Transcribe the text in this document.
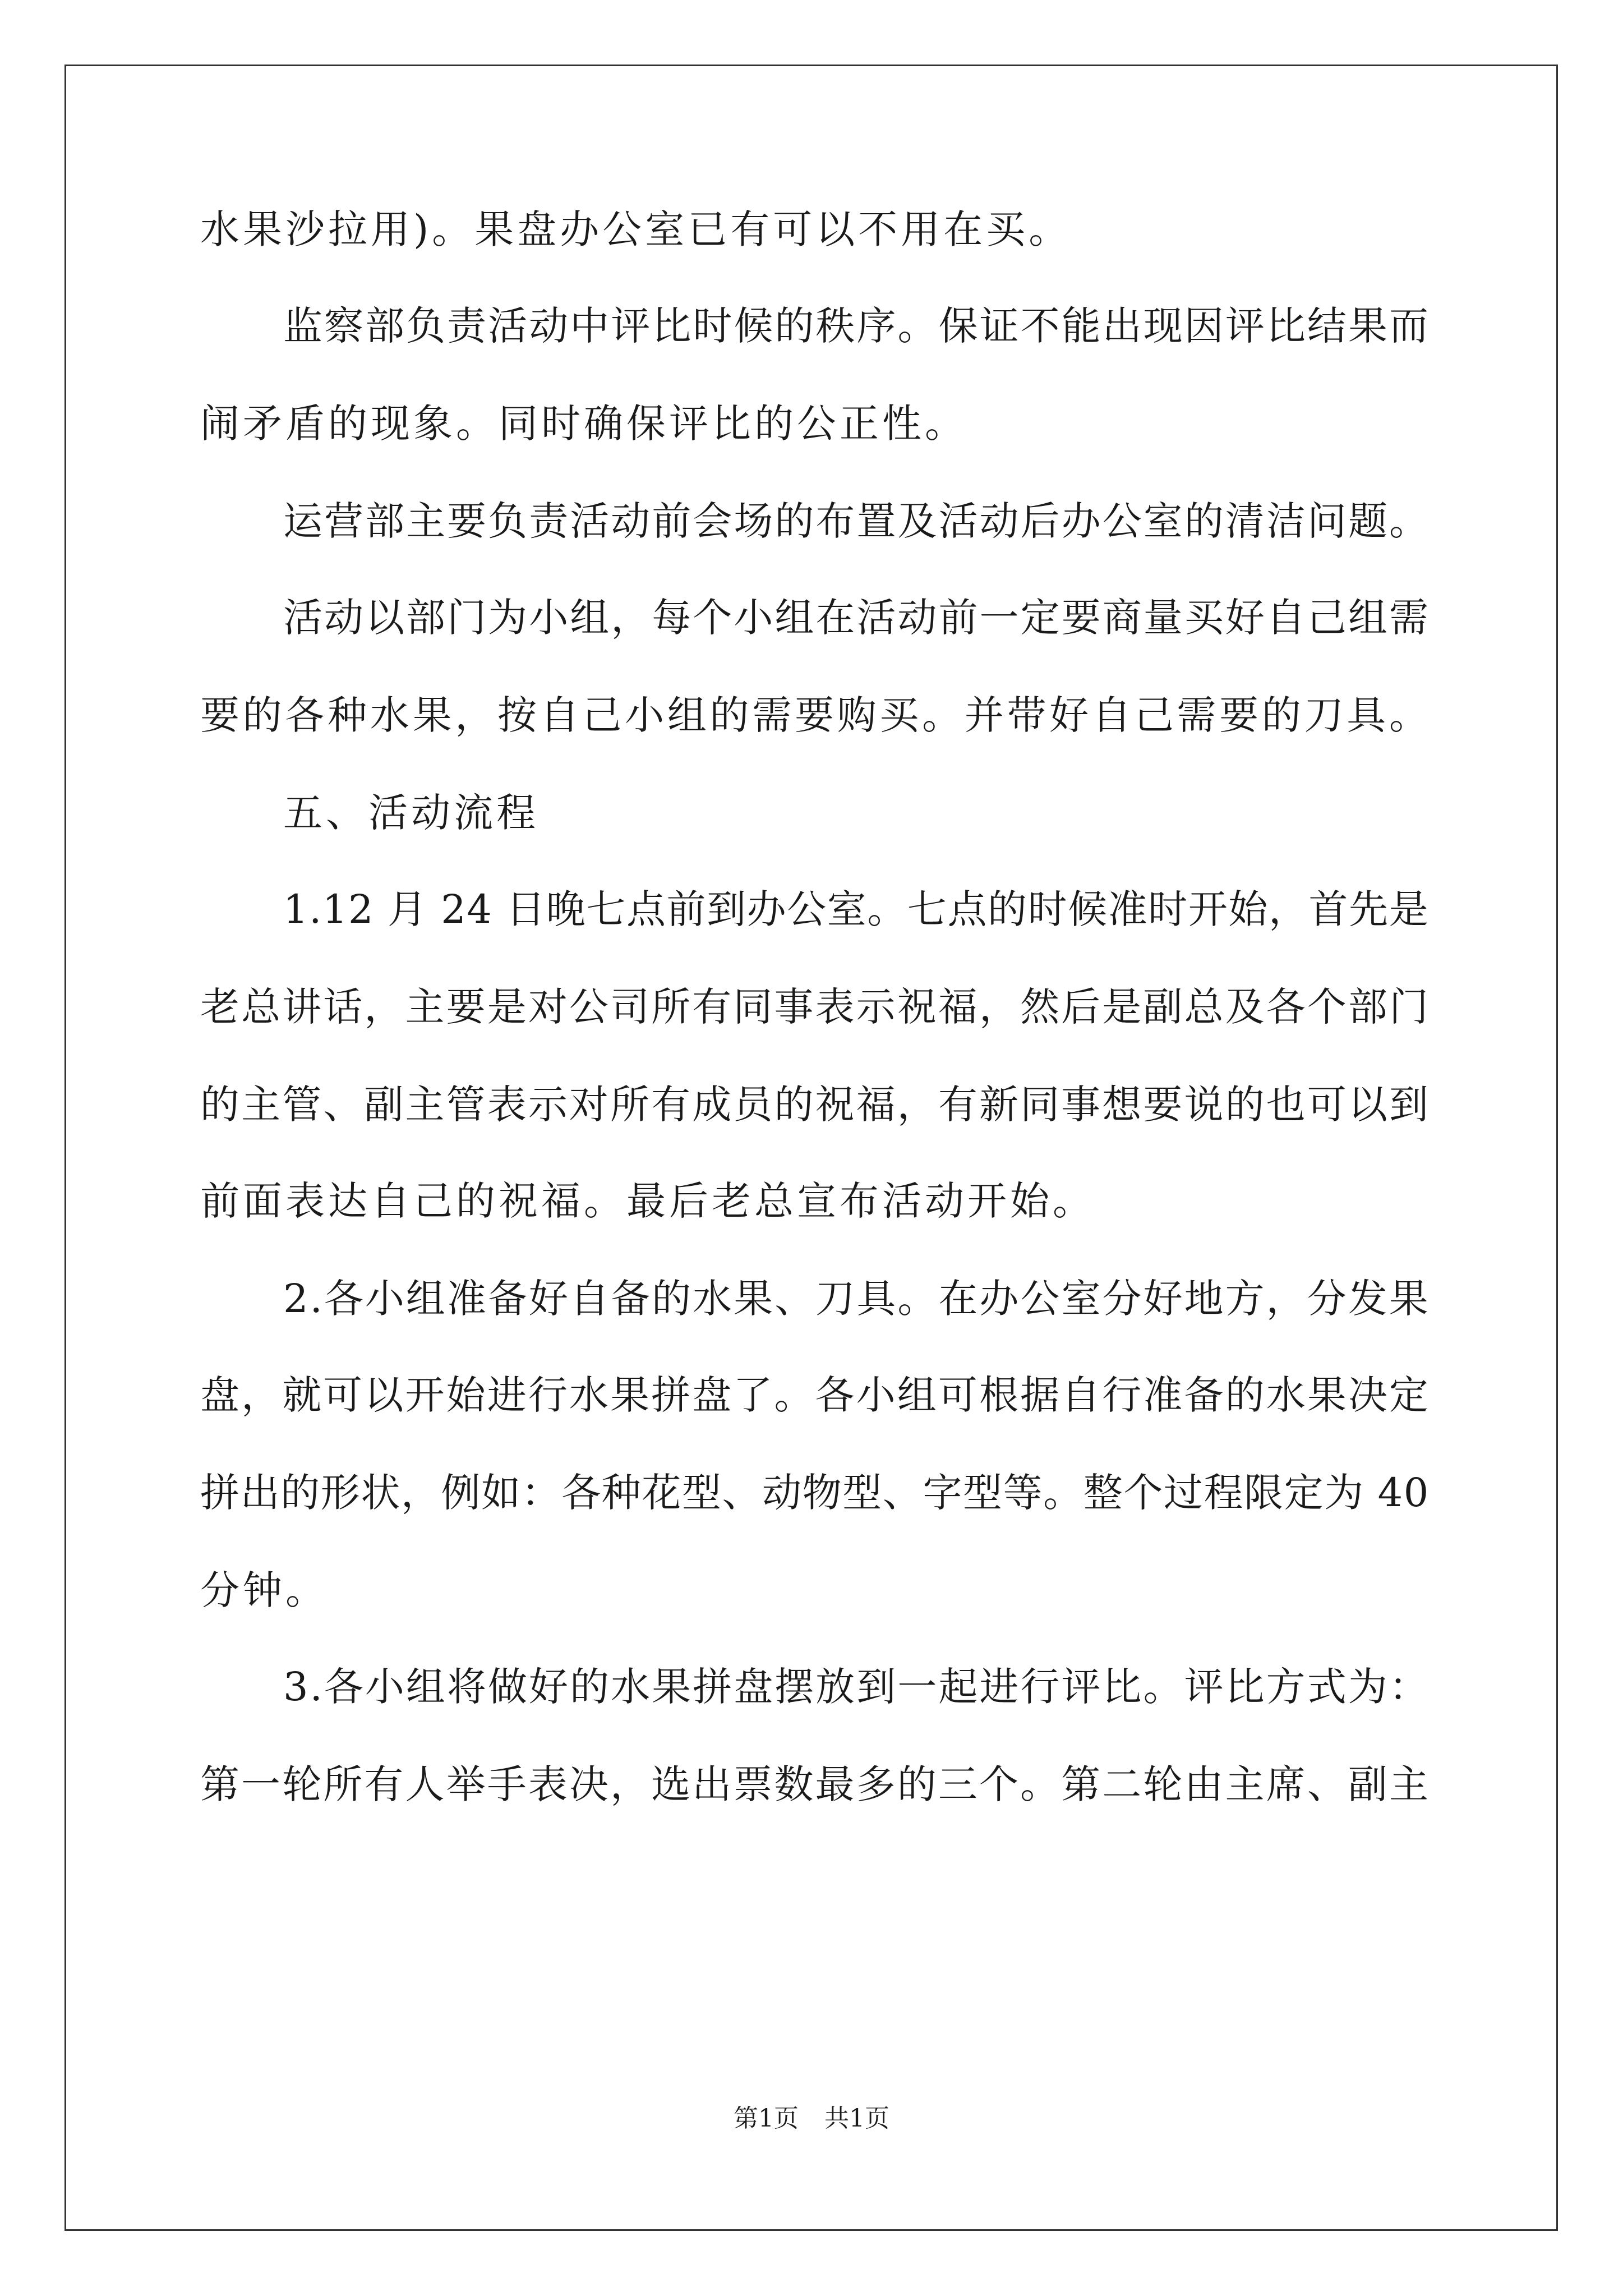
水果沙拉用)。果盘办公室已有可以不用在买。
监察部负责活动中评比时候的秩序。保证不能出现因评比结果而
闹矛盾的现象。同时确保评比的公正性。
运营部主要负责活动前会场的布置及活动后办公室的清洁问题。
活动以部门为小组，每个小组在活动前一定要商量买好自己组需
要的各种水果，按自己小组的需要购买。并带好自己需要的刀具。
五、活动流程
1.12 月 24 日晚七点前到办公室。七点的时候准时开始，首先是
老总讲话，主要是对公司所有同事表示祝福，然后是副总及各个部门
的主管、副主管表示对所有成员的祝福，有新同事想要说的也可以到
前面表达自己的祝福。最后老总宣布活动开始。
2.各小组准备好自备的水果、刀具。在办公室分好地方，分发果
盘，就可以开始进行水果拼盘了。各小组可根据自行准备的水果决定
拼出的形状，例如：各种花型、动物型、字型等。整个过程限定为 40
分钟。
3.各小组将做好的水果拼盘摆放到一起进行评比。评比方式为：
第一轮所有人举手表决，选出票数最多的三个。第二轮由主席、副主
第1页 共1页
